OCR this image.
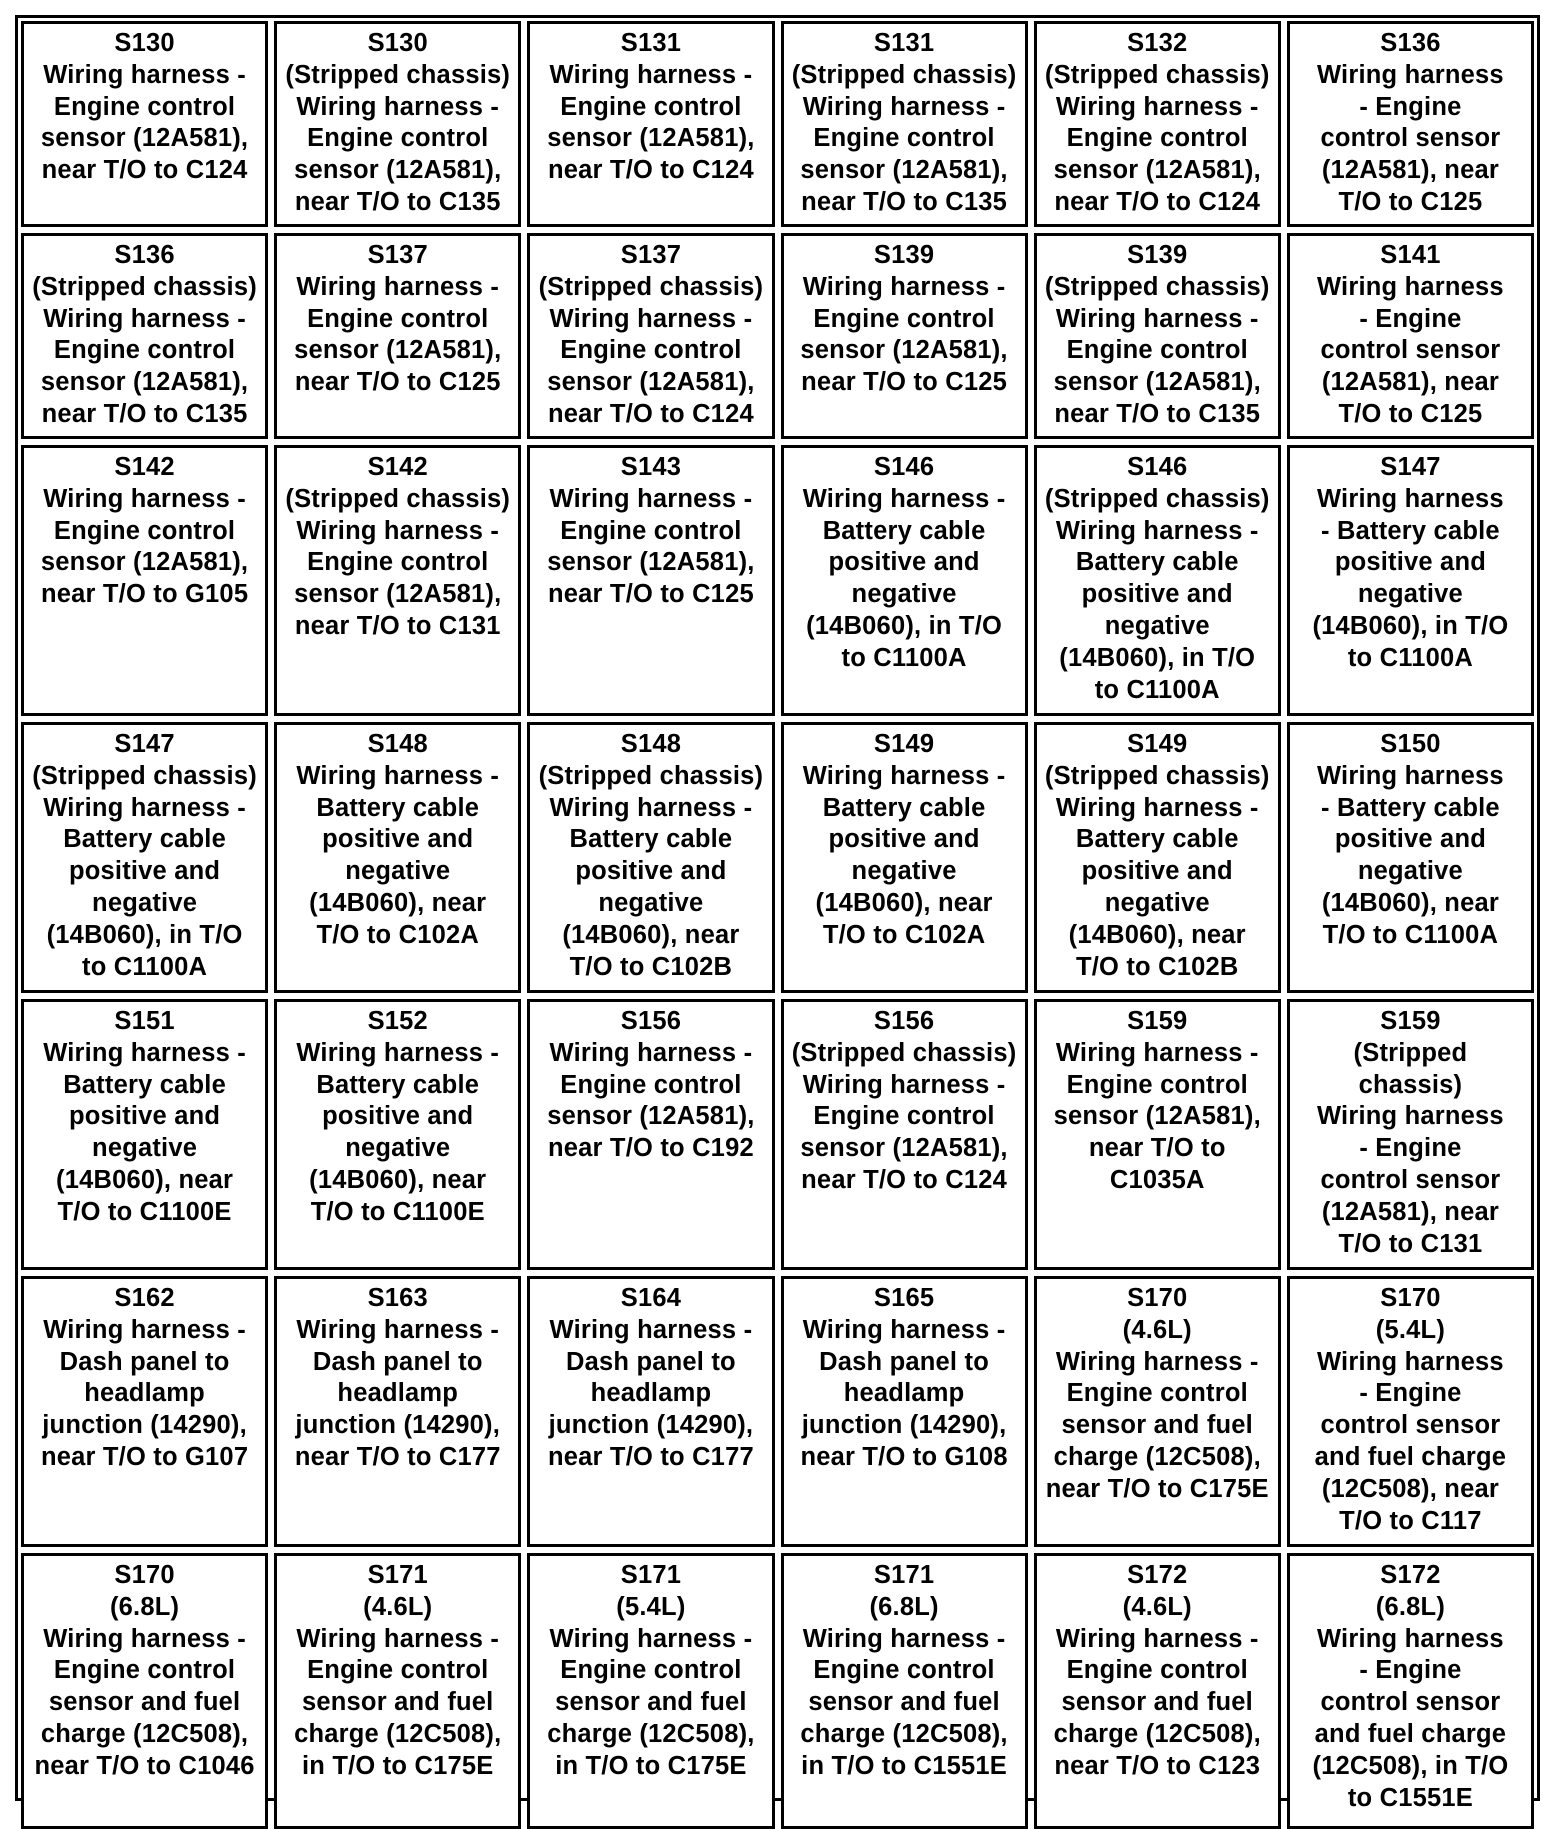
S130
Wiring harness -
Engine control
sensor (12A581),
near T/O to C124
S130
(Stripped chassis)
Wiring harness -
Engine control
sensor (12A581),
near T/O to C135
S131
Wiring harness -
Engine control
sensor (12A581),
near T/O to C124
S131
(Stripped chassis)
Wiring harness -
Engine control
sensor (12A581),
near T/O to C135
S132
(Stripped chassis)
Wiring harness -
Engine control
sensor (12A581),
near T/O to C124
S136
Wiring harness
- Engine
control sensor
(12A581), near
T/O to C125
S136
(Stripped chassis)
Wiring harness -
Engine control
sensor (12A581),
near T/O to C135
S137
Wiring harness -
Engine control
sensor (12A581),
near T/O to C125
S137
(Stripped chassis)
Wiring harness -
Engine control
sensor (12A581),
near T/O to C124
S139
Wiring harness -
Engine control
sensor (12A581),
near T/O to C125
S139
(Stripped chassis)
Wiring harness -
Engine control
sensor (12A581),
near T/O to C135
S141
Wiring harness
- Engine
control sensor
(12A581), near
T/O to C125
S142
Wiring harness -
Engine control
sensor (12A581),
near T/O to G105
S142
(Stripped chassis)
Wiring harness -
Engine control
sensor (12A581),
near T/O to C131
S143
Wiring harness -
Engine control
sensor (12A581),
near T/O to C125
S146
Wiring harness -
Battery cable
positive and
negative
(14B060), in T/O
to C1100A
S146
(Stripped chassis)
Wiring harness -
Battery cable
positive and
negative
(14B060), in T/O
to C1100A
S147
Wiring harness
- Battery cable
positive and
negative
(14B060), in T/O
to C1100A
S147
(Stripped chassis)
Wiring harness -
Battery cable
positive and
negative
(14B060), in T/O
to C1100A
S148
Wiring harness -
Battery cable
positive and
negative
(14B060), near
T/O to C102A
S148
(Stripped chassis)
Wiring harness -
Battery cable
positive and
negative
(14B060), near
T/O to C102B
S149
Wiring harness -
Battery cable
positive and
negative
(14B060), near
T/O to C102A
S149
(Stripped chassis)
Wiring harness -
Battery cable
positive and
negative
(14B060), near
T/O to C102B
S150
Wiring harness
- Battery cable
positive and
negative
(14B060), near
T/O to C1100A
S151
Wiring harness -
Battery cable
positive and
negative
(14B060), near
T/O to C1100E
S152
Wiring harness -
Battery cable
positive and
negative
(14B060), near
T/O to C1100E
S156
Wiring harness -
Engine control
sensor (12A581),
near T/O to C192
S156
(Stripped chassis)
Wiring harness -
Engine control
sensor (12A581),
near T/O to C124
S159
Wiring harness -
Engine control
sensor (12A581),
near T/O to
C1035A
S159
(Stripped
chassis)
Wiring harness
- Engine
control sensor
(12A581), near
T/O to C131
S162
Wiring harness -
Dash panel to
headlamp
junction (14290),
near T/O to G107
S163
Wiring harness -
Dash panel to
headlamp
junction (14290),
near T/O to C177
S164
Wiring harness -
Dash panel to
headlamp
junction (14290),
near T/O to C177
S165
Wiring harness -
Dash panel to
headlamp
junction (14290),
near T/O to G108
S170
(4.6L)
Wiring harness -
Engine control
sensor and fuel
charge (12C508),
near T/O to C175E
S170
(5.4L)
Wiring harness
- Engine
control sensor
and fuel charge
(12C508), near
T/O to C117
S170
(6.8L)
Wiring harness -
Engine control
sensor and fuel
charge (12C508),
near T/O to C1046
S171
(4.6L)
Wiring harness -
Engine control
sensor and fuel
charge (12C508),
in T/O to C175E
S171
(5.4L)
Wiring harness -
Engine control
sensor and fuel
charge (12C508),
in T/O to C175E
S171
(6.8L)
Wiring harness -
Engine control
sensor and fuel
charge (12C508),
in T/O to C1551E
S172
(4.6L)
Wiring harness -
Engine control
sensor and fuel
charge (12C508),
near T/O to C123
S172
(6.8L)
Wiring harness
- Engine
control sensor
and fuel charge
(12C508), in T/O
to C1551E
